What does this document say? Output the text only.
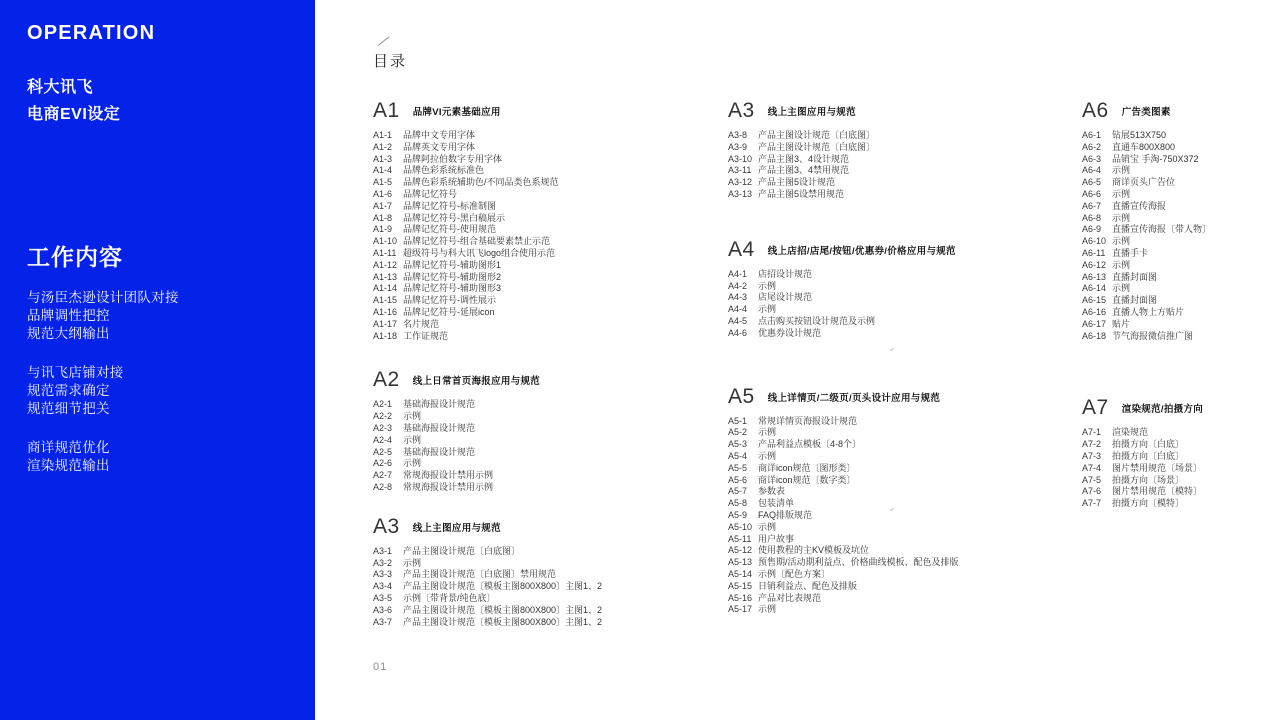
OPERATION
科大讯飞
电商EVI设定
工作内容

与汤臣杰逊设计团队对接

品牌调性把控

规范大纲输出

与讯飞店铺对接

规范需求确定

规范细节把关

商详规范优化

渲染规范输出

目录
A1 品牌VI元素基础应用
A1-1	品牌中文专用字体
A1-2	品牌英文专用字体
A1-3	品牌阿拉伯数字专用字体
A1-4	品牌色彩系统标准色
A1-5	品牌色彩系统辅助色/不同品类色系规范
A1-6	品牌记忆符号
A1-7	品牌记忆符号-标准制图
A1-8	品牌记忆符号-黑白稿展示
A1-9	品牌记忆符号-使用规范
A1-10 品牌记忆符号-组合基础要素禁止示范
A1-11 超级符号与科大讯飞logo组合使用示范
A1-12 品牌记忆符号-辅助图形1
A1-13 品牌记忆符号-辅助图形2
A1-14 品牌记忆符号-辅助图形3
A1-15 品牌记忆符号-调性展示
A1-16 品牌记忆符号-延展icon
A1-17 名片规范
A1-18 工作证规范
A2 线上日常首页海报应用与规范
A2-1	基础海报设计规范
A2-2	示例
A2-3	基础海报设计规范
A2-4	示例
A2-5	基础海报设计规范
A2-6	示例
A2-7	常规海报设计禁用示例
A2-8	常规海报设计禁用示例
A3 线上主图应用与规范
A3-1	产品主图设计规范〔白底图〕
A3-2	示例
A3-3	产品主图设计规范〔白底图〕禁用规范
A3-4	产品主图设计规范〔模板主图800X800〕主图1、2
A3-5	示例〔带背景/纯色底〕
A3-6	产品主图设计规范〔模板主图800X800〕主图1、2
A3-7	产品主图设计规范〔模板主图800X800〕主图1、2
A3 线上主图应用与规范
A3-8	产品主图设计规范〔白底图〕
A3-9	产品主图设计规范〔白底图〕
A3-10 产品主图3、4设计规范
A3-11 产品主图3、4禁用规范
A3-12 产品主图5设计规范
A3-13 产品主图5设禁用规范
A4 线上店招/店尾/按钮/优惠券/价格应用与规范
A4-1	店招设计规范
A4-2	示例
A4-3	店尾设计规范
A4-4	示例
A4-5	点击购买按钮设计规范及示例
A4-6	优惠券设计规范
A5 线上详情页/二级页/页头设计应用与规范
A5-1	常规详情页海报设计规范
A5-2	示例
A5-3	产品利益点模板〔4-8个〕
A5-4	示例
A5-5	商详icon规范〔图形类〕
A5-6	商详icon规范〔数字类〕
A5-7	参数表
A5-8	包装清单
A5-9	FAQ排版规范
A5-10 示例
A5-11 用户故事
A5-12 使用教程的主KV模板及坑位
A5-13 预售期/活动期利益点、价格曲线模板、配色及排版
A5-14 示例〔配色方案〕
A5-15 日销利益点、配色及排版
A5-16 产品对比表规范
A5-17 示例
A6 广告类图素
A6-1	钻展513X750
A6-2	直通车800X800
A6-3	品销宝 手淘-750X372
A6-4	示例
A6-5	商详页头广告位
A6-6	示例
A6-7	直播宣传海报
A6-8	示例
A6-9	直播宣传海报〔带人物〕
A6-10 示例
A6-11 直播手卡
A6-12 示例
A6-13 直播封面图
A6-14 示例
A6-15 直播封面图
A6-16 直播人物上方贴片
A6-17 贴片
A6-18 节气海报微信推广图
A7 渲染规范/拍摄方向
A7-1	渲染规范
A7-2	拍摄方向〔白底〕
A7-3	拍摄方向〔白底〕
A7-4	图片禁用规范〔场景〕
A7-5	拍摄方向〔场景〕
A7-6	图片禁用规范〔模特〕
A7-7	拍摄方向〔模特〕
01
